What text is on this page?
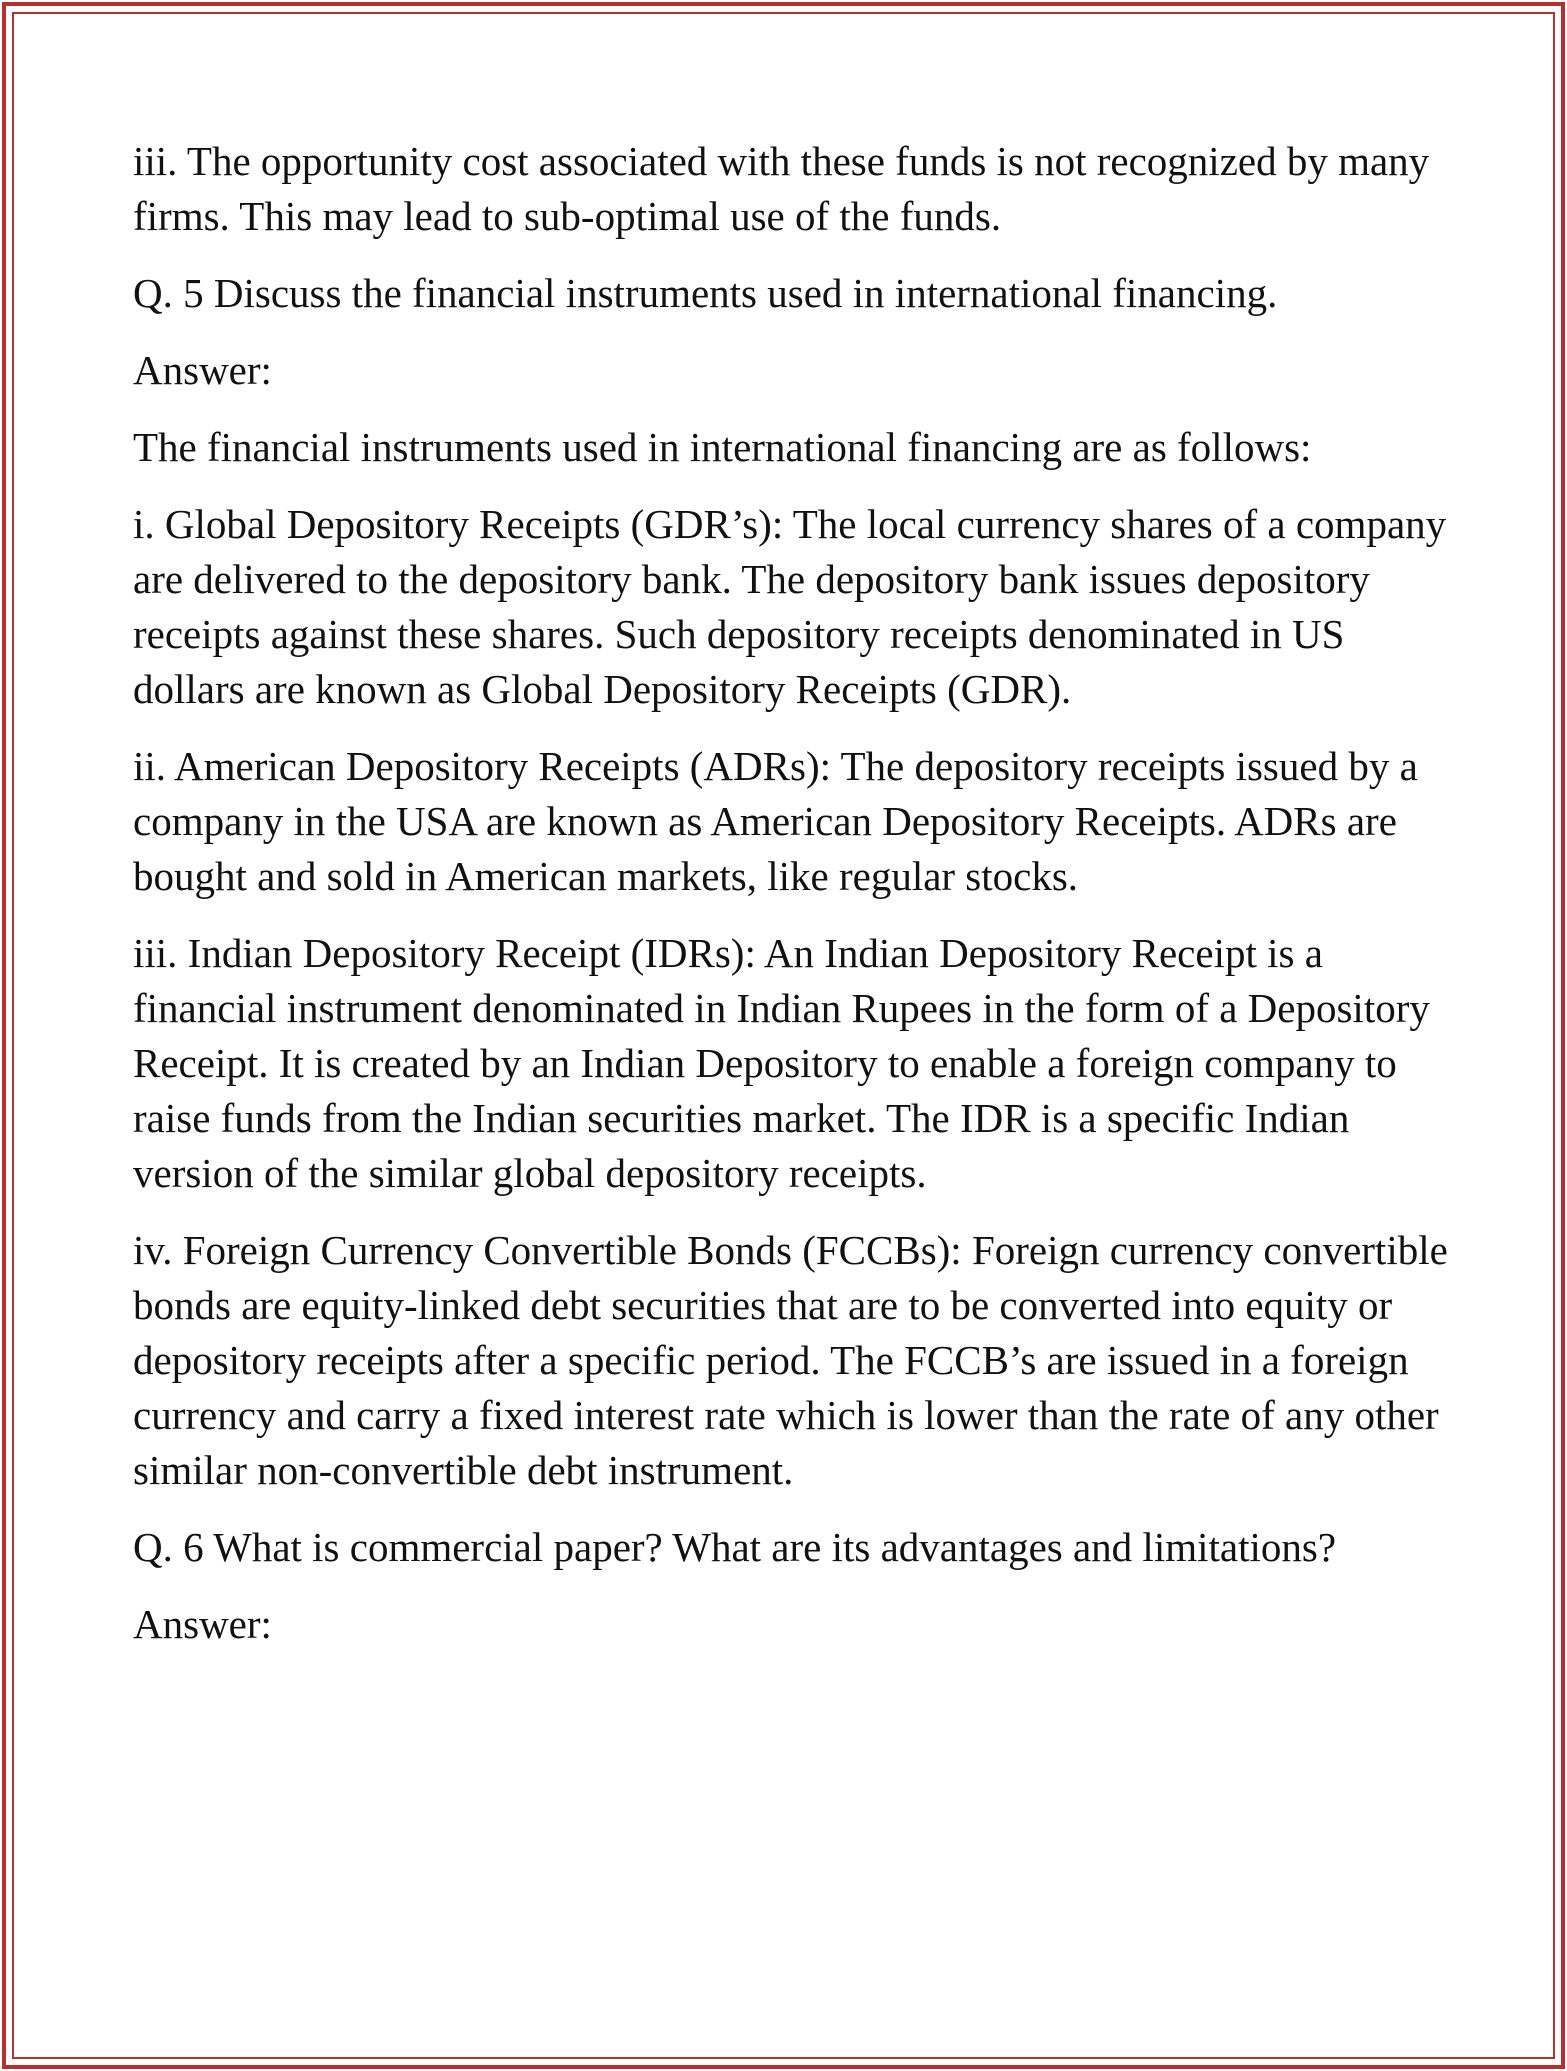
iii. The opportunity cost associated with these funds is not recognized by many firms. This may lead to sub-optimal use of the funds.

Q. 5 Discuss the financial instruments used in international financing.

Answer:

The financial instruments used in international financing are as follows:

i. Global Depository Receipts (GDR’s): The local currency shares of a company are delivered to the depository bank. The depository bank issues depository receipts against these shares. Such depository receipts denominated in US dollars are known as Global Depository Receipts (GDR).

ii. American Depository Receipts (ADRs): The depository receipts issued by a company in the USA are known as American Depository Receipts. ADRs are bought and sold in American markets, like regular stocks.

iii. Indian Depository Receipt (IDRs): An Indian Depository Receipt is a financial instrument denominated in Indian Rupees in the form of a Depository Receipt. It is created by an Indian Depository to enable a foreign company to raise funds from the Indian securities market. The IDR is a specific Indian version of the similar global depository receipts.

iv. Foreign Currency Convertible Bonds (FCCBs): Foreign currency convertible bonds are equity-linked debt securities that are to be converted into equity or depository receipts after a specific period. The FCCB’s are issued in a foreign currency and carry a fixed interest rate which is lower than the rate of any other similar non-convertible debt instrument.

Q. 6 What is commercial paper? What are its advantages and limitations?

Answer:
